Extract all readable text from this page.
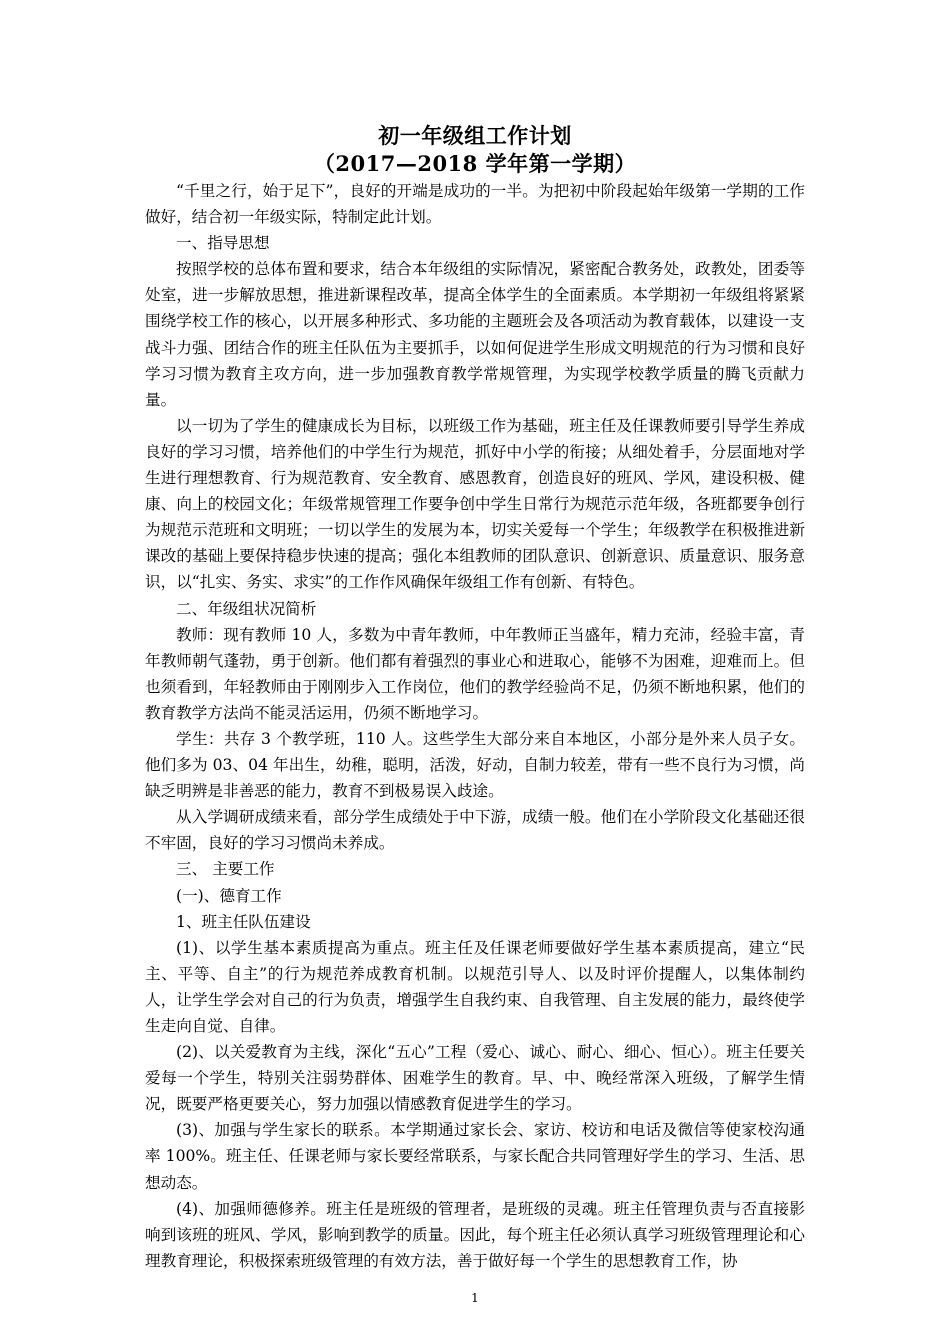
初一年级组工作计划
（2017—2018 学年第一学期）

“千里之行，始于足下”，良好的开端是成功的一半。为把初中阶段起始年级第一学期的工作做好，结合初一年级实际，特制定此计划。

一、指导思想

按照学校的总体布置和要求，结合本年级组的实际情况，紧密配合教务处，政教处，团委等处室，进一步解放思想，推进新课程改革，提高全体学生的全面素质。本学期初一年级组将紧紧围绕学校工作的核心，以开展多种形式、多功能的主题班会及各项活动为教育载体，以建设一支战斗力强、团结合作的班主任队伍为主要抓手，以如何促进学生形成文明规范的行为习惯和良好学习习惯为教育主攻方向，进一步加强教育教学常规管理，为实现学校教学质量的腾飞贡献力量。

以一切为了学生的健康成长为目标，以班级工作为基础，班主任及任课教师要引导学生养成良好的学习习惯，培养他们的中学生行为规范，抓好中小学的衔接；从细处着手，分层面地对学生进行理想教育、行为规范教育、安全教育、感恩教育，创造良好的班风、学风，建设积极、健康、向上的校园文化；年级常规管理工作要争创中学生日常行为规范示范年级，各班都要争创行为规范示范班和文明班；一切以学生的发展为本，切实关爱每一个学生；年级教学在积极推进新课改的基础上要保持稳步快速的提高；强化本组教师的团队意识、创新意识、质量意识、服务意识，以“扎实、务实、求实”的工作作风确保年级组工作有创新、有特色。

二、年级组状况简析

教师：现有教师 10 人，多数为中青年教师，中年教师正当盛年，精力充沛，经验丰富，青年教师朝气蓬勃，勇于创新。他们都有着强烈的事业心和进取心，能够不为困难，迎难而上。但也须看到，年轻教师由于刚刚步入工作岗位，他们的教学经验尚不足，仍须不断地积累，他们的教育教学方法尚不能灵活运用，仍须不断地学习。

学生：共存 3 个教学班，110 人。这些学生大部分来自本地区，小部分是外来人员子女。他们多为 03、04 年出生，幼稚，聪明，活泼，好动，自制力较差，带有一些不良行为习惯，尚缺乏明辨是非善恶的能力，教育不到极易误入歧途。

从入学调研成绩来看，部分学生成绩处于中下游，成绩一般。他们在小学阶段文化基础还很不牢固，良好的学习习惯尚未养成。

三、 主要工作

(一)、德育工作

1、班主任队伍建设

(1)、以学生基本素质提高为重点。班主任及任课老师要做好学生基本素质提高，建立“民主、平等、自主”的行为规范养成教育机制。以规范引导人、以及时评价提醒人，以集体制约人，让学生学会对自己的行为负责，增强学生自我约束、自我管理、自主发展的能力，最终使学生走向自觉、自律。

(2)、以关爱教育为主线，深化“五心”工程（爱心、诚心、耐心、细心、恒心）。班主任要关爱每一个学生，特别关注弱势群体、困难学生的教育。早、中、晚经常深入班级，了解学生情况，既要严格更要关心，努力加强以情感教育促进学生的学习。

(3)、加强与学生家长的联系。本学期通过家长会、家访、校访和电话及微信等使家校沟通率 100%。班主任、任课老师与家长要经常联系，与家长配合共同管理好学生的学习、生活、思想动态。

(4)、加强师德修养。班主任是班级的管理者，是班级的灵魂。班主任管理负责与否直接影响到该班的班风、学风，影响到教学的质量。因此，每个班主任必须认真学习班级管理理论和心理教育理论，积极探索班级管理的有效方法，善于做好每一个学生的思想教育工作，协

1
